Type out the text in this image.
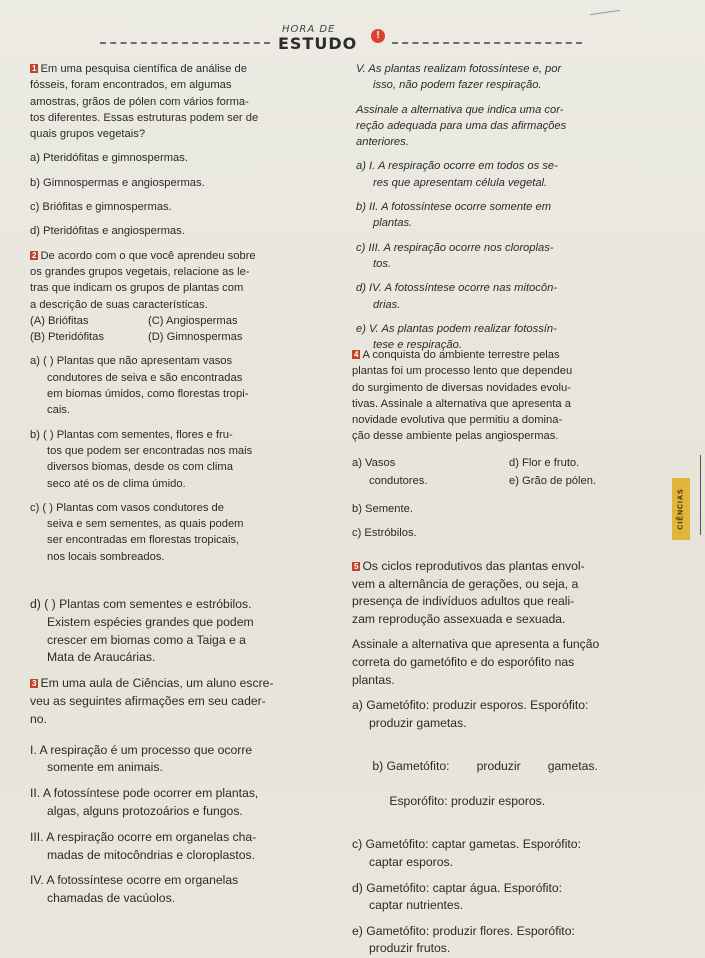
HORA DE
ESTUDO	!

1 Em uma pesquisa científica de análise de
fósseis, foram encontrados, em algumas
amostras, grãos de pólen com vários forma-
tos diferentes. Essas estruturas podem ser de
quais grupos vegetais?

a) Pteridófitas e gimnospermas.
b) Gimnospermas e angiospermas.
c) Briófitas e gimnospermas.
d) Pteridófitas e angiospermas.

2 De acordo com o que você aprendeu sobre
os grandes grupos vegetais, relacione as le-
tras que indicam os grupos de plantas com
a descrição de suas características.

(A) Briófitas	(C) Angiospermas
(B) Pteridófitas	(D) Gimnospermas

a) ( ) Plantas que não apresentam vasos
condutores de seiva e são encontradas
em biomas úmidos, como florestas tropi-
cais.

b) ( ) Plantas com sementes, flores e fru-
tos que podem ser encontradas nos mais
diversos biomas, desde os com clima
seco até os de clima úmido.

c) ( ) Plantas com vasos condutores de
seiva e sem sementes, as quais podem
ser encontradas em florestas tropicais,
nos locais sombreados.

d) ( ) Plantas com sementes e estróbilos.
Existem espécies grandes que podem
crescer em biomas como a Taiga e a
Mata de Araucárias.

3 Em uma aula de Ciências, um aluno escre-
veu as seguintes afirmações em seu cader-
no.

I. A respiração é um processo que ocorre
somente em animais.

II. A fotossíntese pode ocorrer em plantas,
algas, alguns protozoários e fungos.

III. A respiração ocorre em organelas cha-
madas de mitocôndrias e cloroplastos.

IV. A fotossíntese ocorre em organelas
chamadas de vacúolos.

V. As plantas realizam fotossíntese e, por
isso, não podem fazer respiração.

Assinale a alternativa que indica uma cor-
reção adequada para uma das afirmações
anteriores.

a) I. A respiração ocorre em todos os se-
res que apresentam célula vegetal.

b) II. A fotossíntese ocorre somente em
plantas.

c) III. A respiração ocorre nos cloroplas-
tos.

d) IV. A fotossíntese ocorre nas mitocôn-
drias.

e) V. As plantas podem realizar fotossín-
tese e respiração.

4 A conquista do ambiente terrestre pelas
plantas foi um processo lento que dependeu
do surgimento de diversas novidades evolu-
tivas. Assinale a alternativa que apresenta a
novidade evolutiva que permitiu a domina-
ção desse ambiente pelas angiospermas.

a) Vasos
condutores.
d) Flor e fruto.
e) Grão de pólen.
b) Semente.
c) Estróbilos.

5 Os ciclos reprodutivos das plantas envol-
vem a alternância de gerações, ou seja, a
presença de indivíduos adultos que reali-
zam reprodução assexuada e sexuada.

Assinale a alternativa que apresenta a função
correta do gametófito e do esporófito nas
plantas.

a) Gametófito: produzir esporos. Esporófito:
produzir gametas.

b) Gametófito:        produzir        gametas.

Esporófito: produzir esporos.

c) Gametófito: captar gametas. Esporófito:
captar esporos.

d) Gametófito: captar água. Esporófito:
captar nutrientes.

e) Gametófito: produzir flores. Esporófito:
produzir frutos.

CIÊNCIAS
